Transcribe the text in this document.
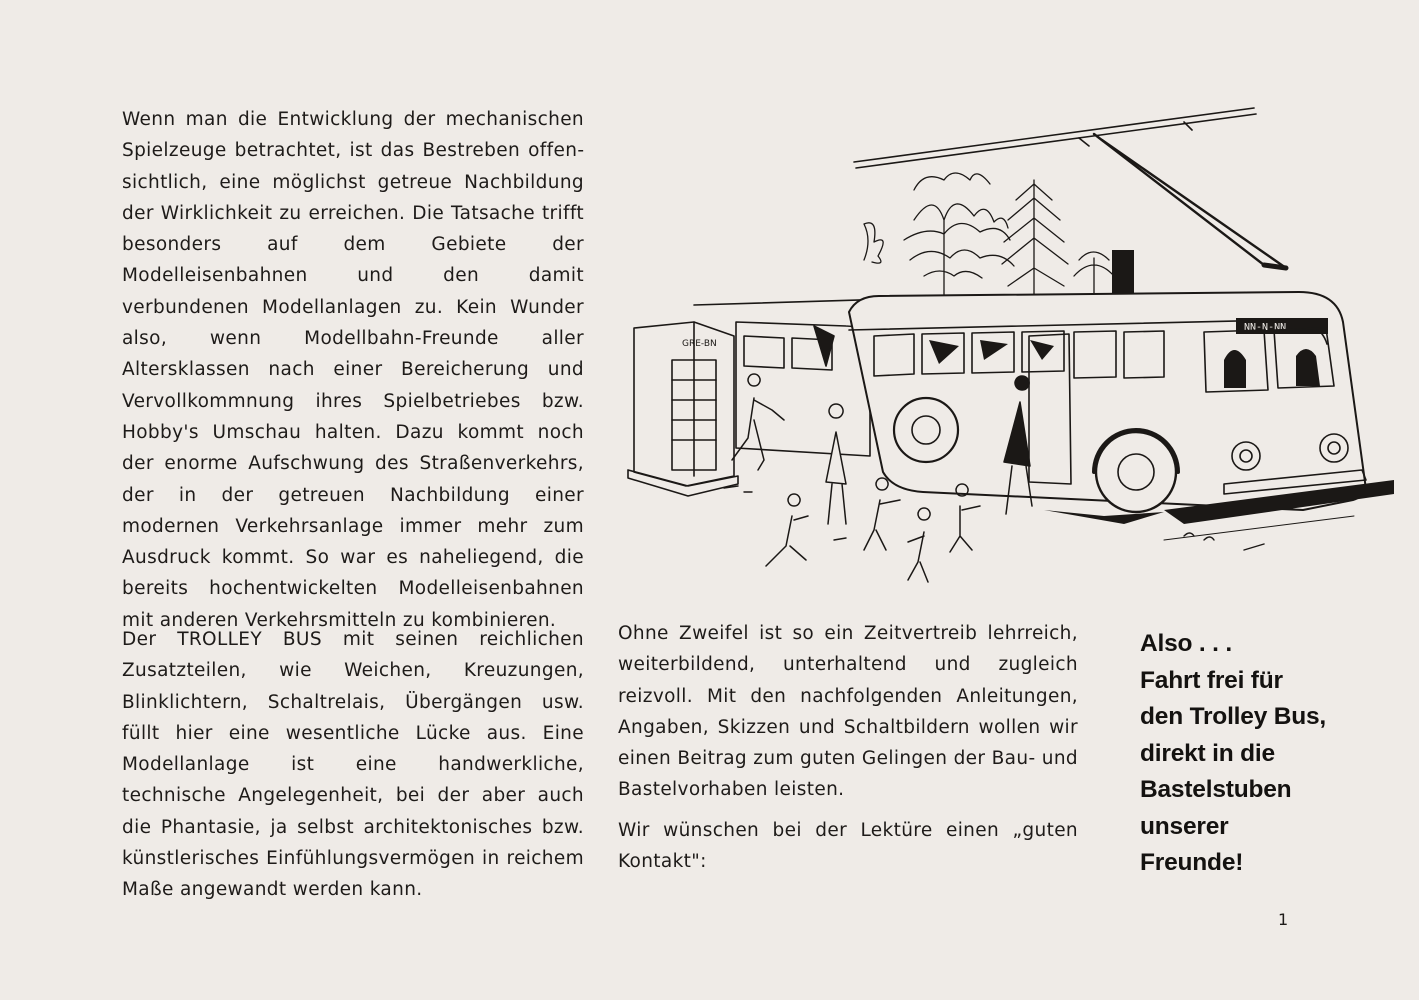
Wenn man die Entwicklung der mechanischen Spielzeuge betrachtet, ist das Bestreben offensichtlich, eine möglichst getreue Nachbildung der Wirklichkeit zu erreichen. Die Tatsache trifft besonders auf dem Gebiete der Modelleisenbahnen und den damit verbundenen Modellanlagen zu. Kein Wunder also, wenn Modellbahn-Freunde aller Altersklassen nach einer Bereicherung und Vervollkommnung ihres Spielbetriebes bzw. Hobby's Umschau halten. Dazu kommt noch der enorme Aufschwung des Straßenverkehrs, der in der getreuen Nachbildung einer modernen Verkehrsanlage immer mehr zum Ausdruck kommt. So war es naheliegend, die bereits hochentwickelten Modelleisenbahnen mit anderen Verkehrsmitteln zu kombinieren.

Der TROLLEY BUS mit seinen reichlichen Zusatzteilen, wie Weichen, Kreuzungen, Blinklichtern, Schaltrelais, Übergängen usw. füllt hier eine wesentliche Lücke aus. Eine Modellanlage ist eine handwerkliche, technische Angelegenheit, bei der aber auch die Phantasie, ja selbst architektonisches bzw. künstlerisches Einfühlungsvermögen in reichem Maße angewandt werden kann.

Ohne Zweifel ist so ein Zeitvertreib lehrreich, weiterbildend, unterhaltend und zugleich reizvoll. Mit den nachfolgenden Anleitungen, Angaben, Skizzen und Schaltbildern wollen wir einen Beitrag zum guten Gelingen der Bau- und Bastelvorhaben leisten.

Wir wünschen bei der Lektüre einen „guten Kontakt":

Also . . .
Fahrt frei für
den Trolley Bus,
direkt in die
Bastelstuben
unserer
Freunde!
1
GRE-BN
NN-N-NN
